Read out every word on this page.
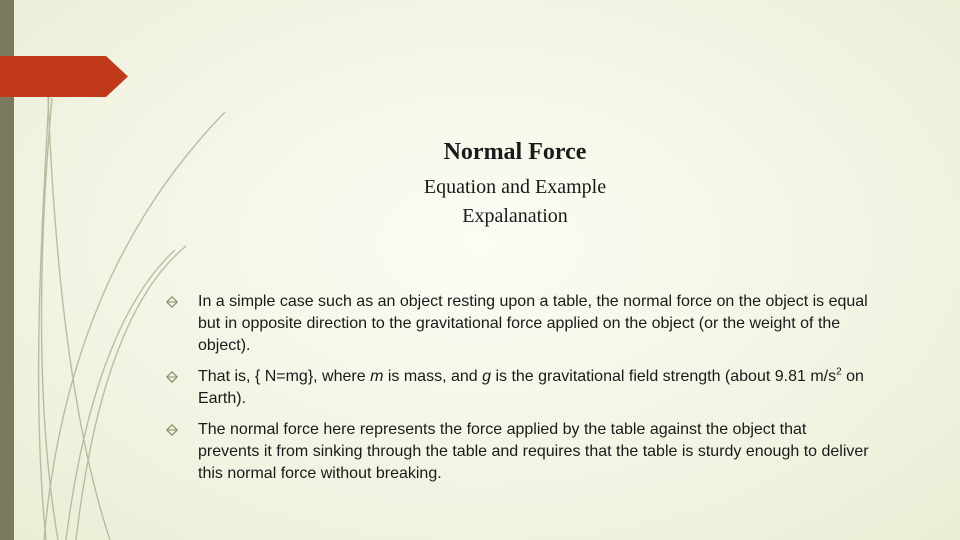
Normal Force
Equation and Example
Expalanation
In a simple case such as an object resting upon a table, the normal force on the object is equal but in opposite direction to the gravitational force applied on the object (or the weight of the object).
That is, { N=mg}, where m is mass, and g is the gravitational field strength (about 9.81 $m/s^2$ on Earth).
The normal force here represents the force applied by the table against the object that prevents it from sinking through the table and requires that the table is sturdy enough to deliver this normal force without breaking.
